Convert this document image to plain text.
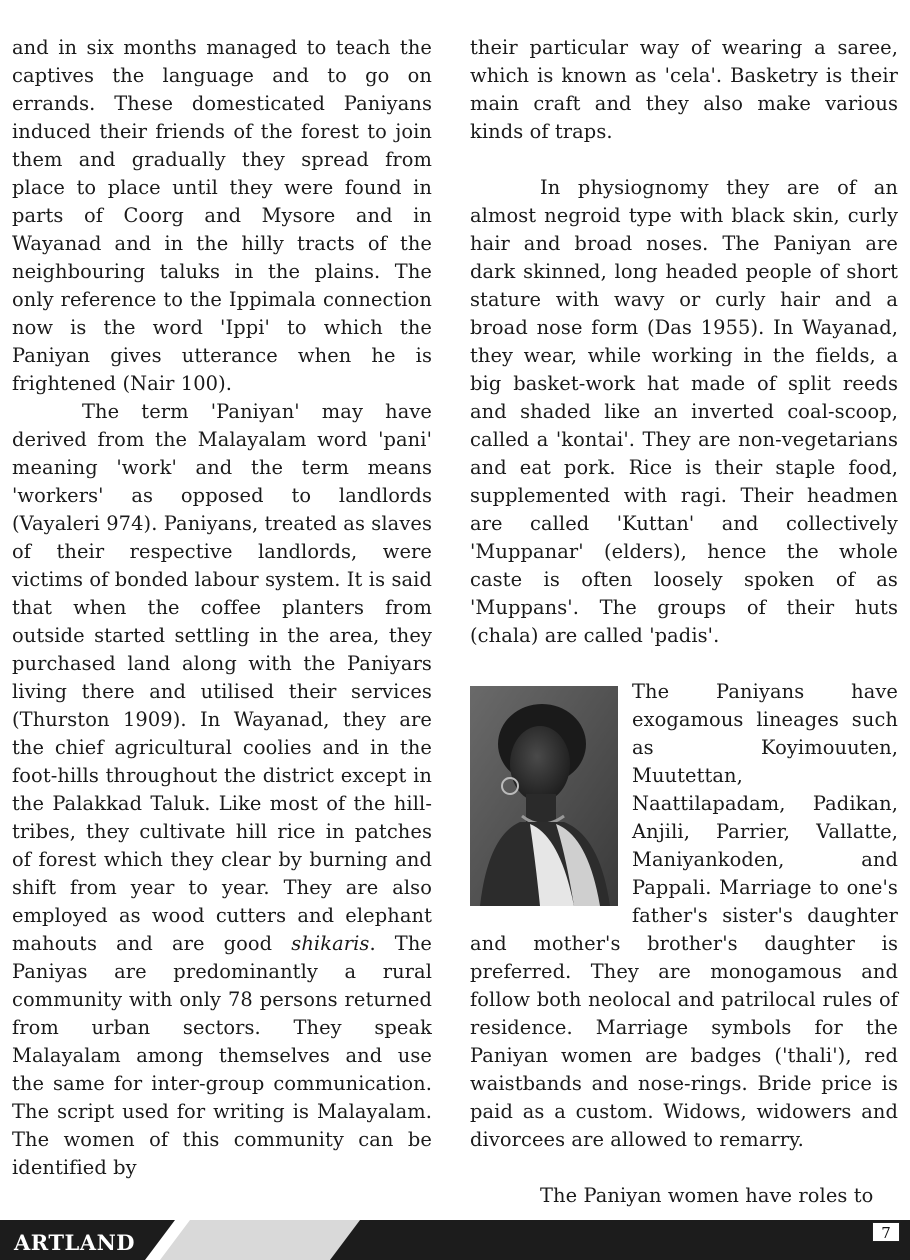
and in six months managed to teach the captives the language and to go on errands. These domesticated Paniyans induced their friends of the forest to join them and gradually they spread from place to place until they were found in parts of Coorg and Mysore and in Wayanad and in the hilly tracts of the neighbouring taluks in the plains. The only reference to the Ippimala connection now is the word 'Ippi' to which the Paniyan gives utterance when he is frightened (Nair 100).

The term 'Paniyan' may have derived from the Malayalam word 'pani' meaning 'work' and the term means 'workers' as opposed to landlords (Vayaleri 974). Paniyans, treated as slaves of their respective landlords, were victims of bonded labour system. It is said that when the coffee planters from outside started settling in the area, they purchased land along with the Paniyars living there and utilised their services (Thurston 1909). In Wayanad, they are the chief agricultural coolies and in the foot-hills throughout the district except in the Palakkad Taluk. Like most of the hill-tribes, they cultivate hill rice in patches of forest which they clear by burning and shift from year to year. They are also employed as wood cutters and elephant mahouts and are good shikaris. The Paniyas are predominantly a rural community with only 78 persons returned from urban sectors. They speak Malayalam among themselves and use the same for inter-group communication. The script used for writing is Malayalam. The women of this community can be identified by

their particular way of wearing a saree, which is known as 'cela'. Basketry is their main craft and they also make various kinds of traps.

In physiognomy they are of an almost negroid type with black skin, curly hair and broad noses. The Paniyan are dark skinned, long headed people of short stature with wavy or curly hair and a broad nose form (Das 1955). In Wayanad, they wear, while working in the fields, a big basket-work hat made of split reeds and shaded like an inverted coal-scoop, called a 'kontai'. They are non-vegetarians and eat pork. Rice is their staple food, supplemented with ragi. Their headmen are called 'Kuttan' and collectively 'Muppanar' (elders), hence the whole caste is often loosely spoken of as 'Muppans'. The groups of their huts (chala) are called 'padis'.

The Paniyans have exogamous lineages such as Koyimouuten, Muutettan, Naattilapadam, Padikan, Anjili, Parrier, Vallatte, Maniyankoden, and Pappali. Marriage to one's father's sister's daughter and mother's brother's daughter is preferred. They are monogamous and follow both neolocal and patrilocal rules of residence. Marriage symbols for the Paniyan women are badges ('thali'), red waistbands and nose-rings. Bride price is paid as a custom. Widows, widowers and divorcees are allowed to remarry.

The Paniyan women have roles to

ARTLAND	7
